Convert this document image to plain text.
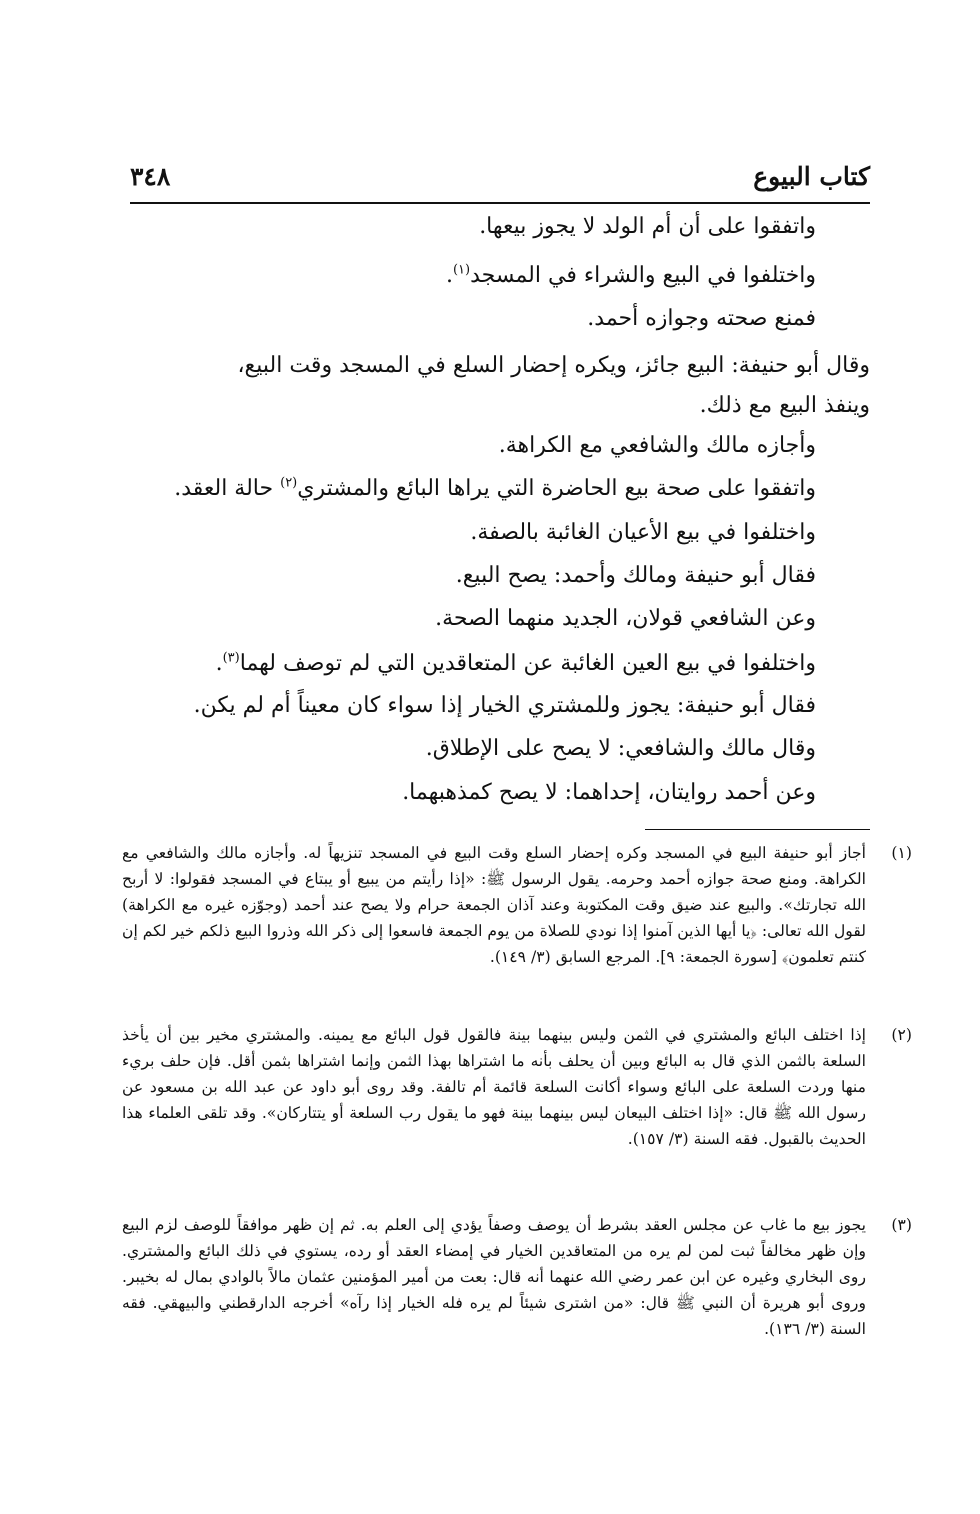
كتاب البيوع
٣٤٨
واتفقوا على أن أم الولد لا يجوز بيعها.
واختلفوا في البيع والشراء في المسجد$^{(١)}$.
فمنع صحته وجوازه أحمد.
وقال أبو حنيفة: البيع جائز، ويكره إحضار السلع في المسجد وقت البيع،
وينفذ البيع مع ذلك.
وأجازه مالك والشافعي مع الكراهة.
واتفقوا على صحة بيع الحاضرة التي يراها البائع والمشتري$^{(٢)}$ حالة العقد.
واختلفوا في بيع الأعيان الغائبة بالصفة.
فقال أبو حنيفة ومالك وأحمد: يصح البيع.
وعن الشافعي قولان، الجديد منهما الصحة.
واختلفوا في بيع العين الغائبة عن المتعاقدين التي لم توصف لهما$^{(٣)}$.
فقال أبو حنيفة: يجوز وللمشتري الخيار إذا سواء كان معيناً أم لم يكن.
وقال مالك والشافعي: لا يصح على الإطلاق.
وعن أحمد روايتان، إحداهما: لا يصح كمذهبهما.
(١)
أجاز أبو حنيفة البيع في المسجد وكره إحضار السلع وقت البيع في المسجد تنزيهاً له. وأجازه مالك والشافعي مع الكراهة. ومنع صحة جوازه أحمد وحرمه. يقول الرسول ﷺ: «إذا رأيتم من يبيع أو يبتاع في المسجد فقولوا: لا أربح الله تجارتك». والبيع عند ضيق وقت المكتوبة وعند آذان الجمعة حرام ولا يصح عند أحمد (وجوّزه غيره مع الكراهة) لقول الله تعالى: ﴿يا أيها الذين آمنوا إذا نودي للصلاة من يوم الجمعة فاسعوا إلى ذكر الله وذروا البيع ذلكم خير لكم إن كنتم تعلمون﴾ [سورة الجمعة: ٩]. المرجع السابق (٣/ ١٤٩).
(٢)
إذا اختلف البائع والمشتري في الثمن وليس بينهما بينة فالقول قول البائع مع يمينه. والمشتري مخير بين أن يأخذ السلعة بالثمن الذي قال به البائع وبين أن يحلف بأنه ما اشتراها بهذا الثمن وإنما اشتراها بثمن أقل. فإن حلف بريء منها وردت السلعة على البائع وسواء أكانت السلعة قائمة أم تالفة. وقد روى أبو داود عن عبد الله بن مسعود عن رسول الله ﷺ قال: «إذا اختلف البيعان ليس بينهما بينة فهو ما يقول رب السلعة أو يتتاركان». وقد تلقى العلماء هذا الحديث بالقبول. فقه السنة (٣/ ١٥٧).
(٣)
يجوز بيع ما غاب عن مجلس العقد بشرط أن يوصف وصفاً يؤدي إلى العلم به. ثم إن ظهر موافقاً للوصف لزم البيع وإن ظهر مخالفاً ثبت لمن لم يره من المتعاقدين الخيار في إمضاء العقد أو رده، يستوي في ذلك البائع والمشتري. روى البخاري وغيره عن ابن عمر رضي الله عنهما أنه قال: بعت من أمير المؤمنين عثمان مالاً بالوادي بمال له بخيبر. وروى أبو هريرة أن النبي ﷺ قال: «من اشترى شيئاً لم يره فله الخيار إذا رآه» أخرجه الدارقطني والبيهقي. فقه السنة (٣/ ١٣٦).
